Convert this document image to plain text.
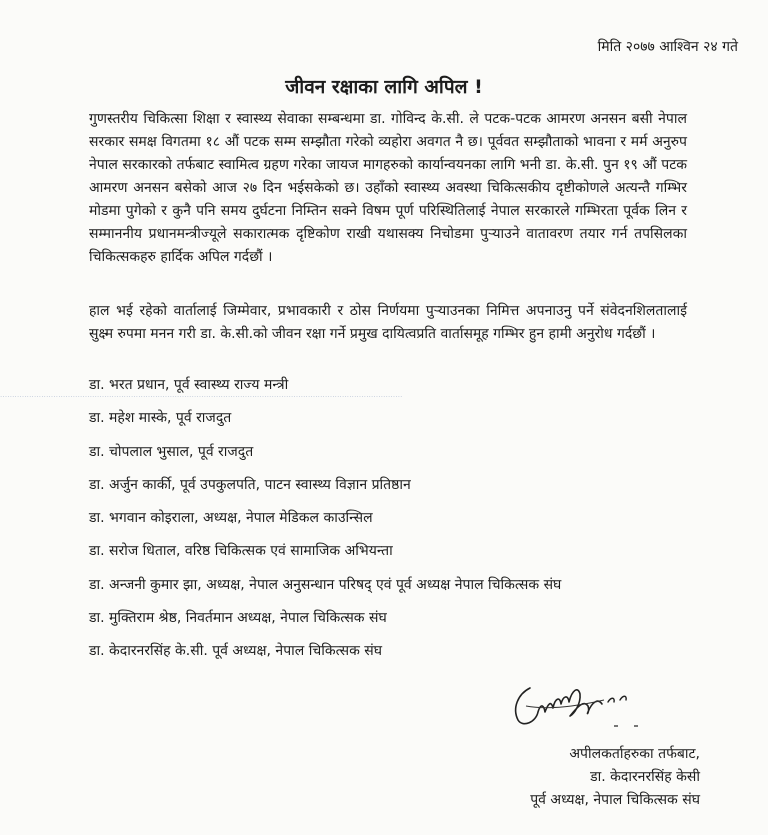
मिति २०७७ आश्विन २४ गते
जीवन रक्षाका लागि अपिल !

गुणस्तरीय चिकित्सा शिक्षा र स्वास्थ्य सेवाका सम्बन्धमा डा. गोविन्द के.सी. ले पटक-पटक आमरण अनसन बसी नेपाल सरकार समक्ष विगतमा १८ औं पटक सम्म सम्झौता गरेको व्यहोरा अवगत नै छ। पूर्ववत सम्झौताको भावना र मर्म अनुरुप नेपाल सरकारको तर्फबाट स्वामित्व ग्रहण गरेका जायज मागहरुको कार्यान्वयनका लागि भनी डा. के.सी. पुन १९ औं पटक आमरण अनसन बसेको आज २७ दिन भईसकेको छ। उहाँको स्वास्थ्य अवस्था चिकित्सकीय दृष्टीकोणले अत्यन्तै गम्भिर मोडमा पुगेको र कुनै पनि समय दुर्घटना निम्तिन सक्ने विषम पूर्ण परिस्थितिलाई नेपाल सरकारले गम्भिरता पूर्वक लिन र सम्माननीय प्रधानमन्त्रीज्यूले सकारात्मक दृष्टिकोण राखी यथासक्य निचोडमा पुऱ्याउने वातावरण तयार गर्न तपसिलका चिकित्सकहरु हार्दिक अपिल गर्दछौं ।

हाल भई रहेको वार्तालाई जिम्मेवार, प्रभावकारी र ठोस निर्णयमा पुऱ्याउनका निमित्त अपनाउनु पर्ने संवेदनशिलतालाई सुक्ष्म रुपमा मनन गरी डा. के.सी.को जीवन रक्षा गर्ने प्रमुख दायित्वप्रति वार्तासमूह गम्भिर हुन हामी अनुरोध गर्दछौं ।

······································································································································································
डा. भरत प्रधान, पूर्व स्वास्थ्य राज्य मन्त्री
डा. महेश मास्के, पूर्व राजदुत
डा. चोपलाल भुसाल, पूर्व राजदुत
डा. अर्जुन कार्की, पूर्व उपकुलपति, पाटन स्वास्थ्य विज्ञान प्रतिष्ठान
डा. भगवान कोइराला, अध्यक्ष, नेपाल मेडिकल काउन्सिल
डा. सरोज धिताल, वरिष्ठ चिकित्सक एवं सामाजिक अभियन्ता
डा. अन्जनी कुमार झा, अध्यक्ष, नेपाल अनुसन्धान परिषद् एवं पूर्व अध्यक्ष नेपाल चिकित्सक संघ
डा. मुक्तिराम श्रेष्ठ, निवर्तमान अध्यक्ष, नेपाल चिकित्सक संघ
डा. केदारनरसिंह के.सी. पूर्व अध्यक्ष, नेपाल चिकित्सक संघ
अपीलकर्ताहरुका तर्फबाट,
डा. केदारनरसिंह केसी
पूर्व अध्यक्ष, नेपाल चिकित्सक संघ
